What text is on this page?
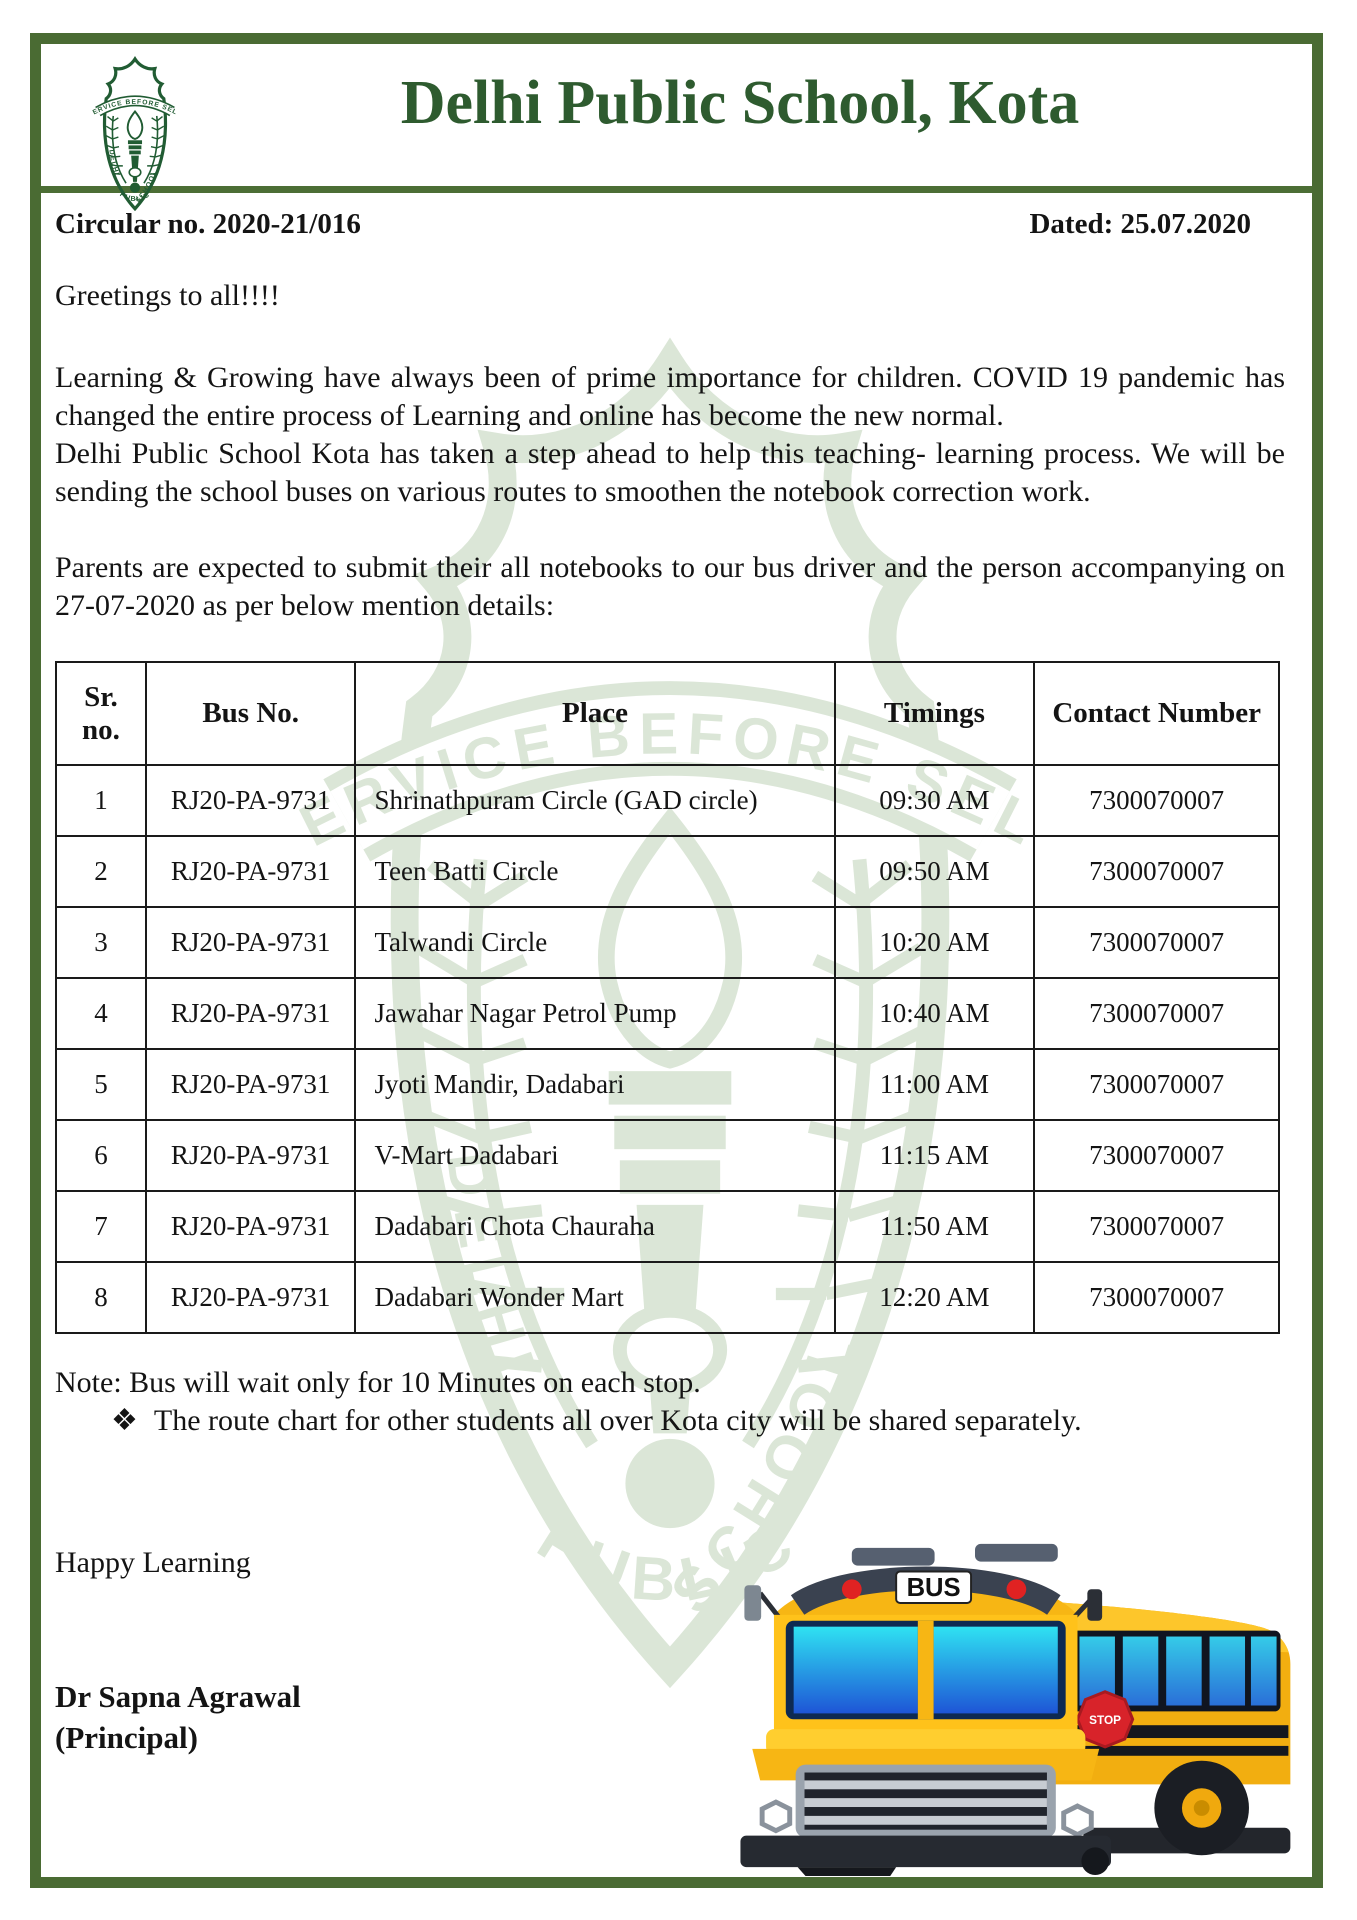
Delhi Public School, Kota
Circular no. 2020-21/016	Dated: 25.07.2020
Greetings to all!!!!

Learning & Growing have always been of prime importance for children. COVID 19 pandemic has changed the entire process of Learning and online has become the new normal.

Delhi Public School Kota has taken a step ahead to help this teaching- learning process. We will be sending the school buses on various routes to smoothen the notebook correction work.

Parents are expected to submit their all notebooks to our bus driver and the person accompanying on 27-07-2020 as per below mention details:
Sr. no.	Bus No.	Place	Timings	Contact Number
1	RJ20-PA-9731	Shrinathpuram Circle (GAD circle)	09:30 AM	7300070007
2	RJ20-PA-9731	Teen Batti Circle	09:50 AM	7300070007
3	RJ20-PA-9731	Talwandi Circle	10:20 AM	7300070007
4	RJ20-PA-9731	Jawahar Nagar Petrol Pump	10:40 AM	7300070007
5	RJ20-PA-9731	Jyoti Mandir, Dadabari	11:00 AM	7300070007
6	RJ20-PA-9731	V-Mart Dadabari	11:15 AM	7300070007
7	RJ20-PA-9731	Dadabari Chota Chauraha	11:50 AM	7300070007
8	RJ20-PA-9731	Dadabari Wonder Mart	12:20 AM	7300070007
Note: Bus will wait only for 10 Minutes on each stop.
❖ The route chart for other students all over Kota city will be shared separately.
Happy Learning
Dr Sapna Agrawal
(Principal)	STOP
BUS
